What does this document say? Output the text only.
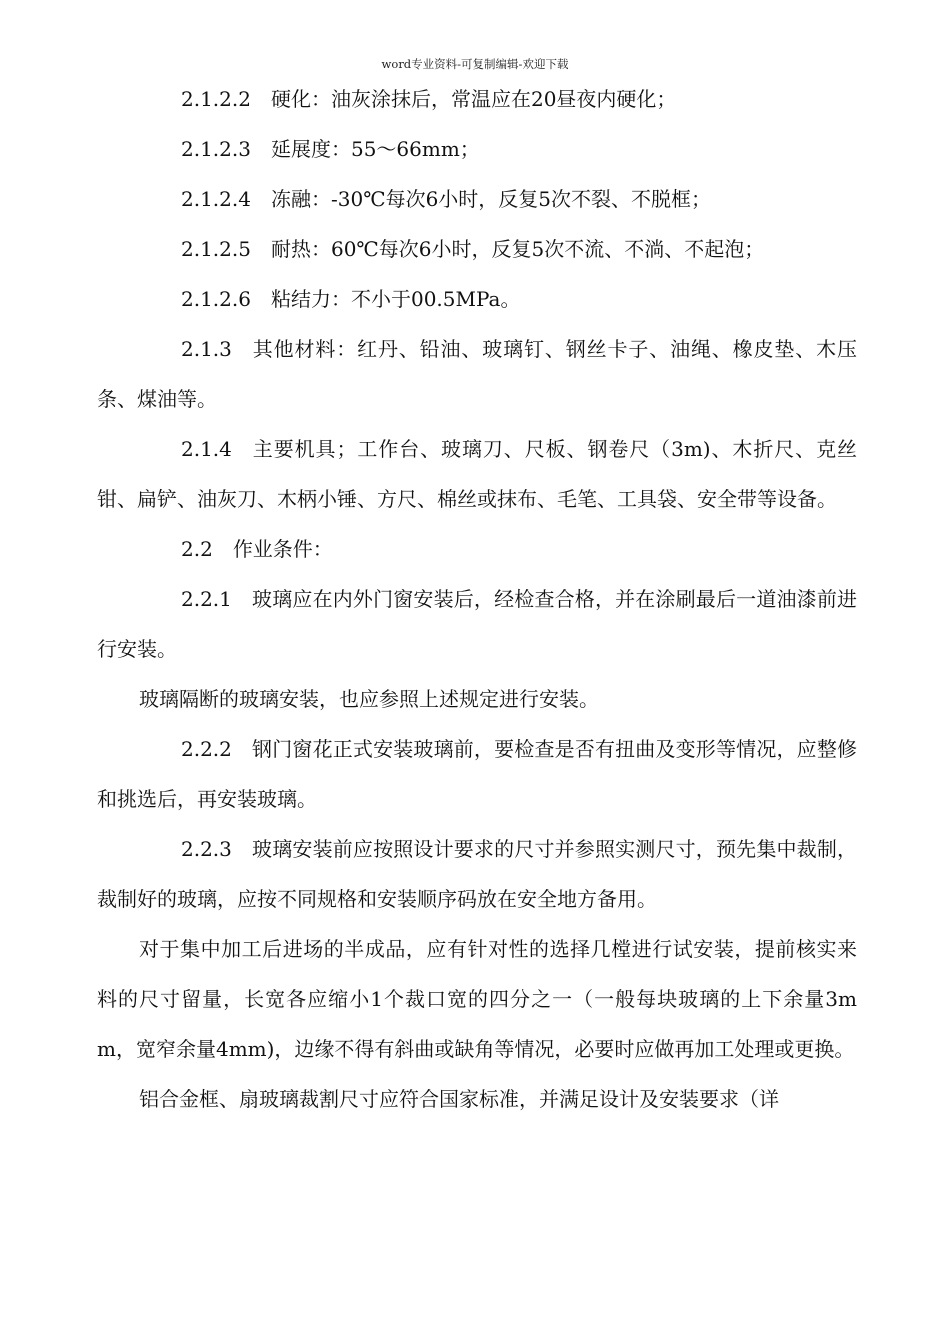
word专业资料-可复制编辑-欢迎下载

2.1.2.2 硬化：油灰涂抹后，常温应在20昼夜内硬化；

2.1.2.3 延展度：55～66mm；

2.1.2.4 冻融：-30℃每次6小时，反复5次不裂、不脱框；

2.1.2.5 耐热：60℃每次6小时，反复5次不流、不淌、不起泡；

2.1.2.6 粘结力：不小于00.5MPa。

2.1.3 其他材料：红丹、铅油、玻璃钉、钢丝卡子、油绳、橡皮垫、木压条、煤油等。

2.1.4 主要机具；工作台、玻璃刀、尺板、钢卷尺（3m)、木折尺、克丝钳、扁铲、油灰刀、木柄小锤、方尺、棉丝或抹布、毛笔、工具袋、安全带等设备。

2.2 作业条件：

2.2.1 玻璃应在内外门窗安装后，经检查合格，并在涂刷最后一道油漆前进行安装。

玻璃隔断的玻璃安装，也应参照上述规定进行安装。

2.2.2 钢门窗花正式安装玻璃前，要检查是否有扭曲及变形等情况，应整修和挑选后，再安装玻璃。

2.2.3 玻璃安装前应按照设计要求的尺寸并参照实测尺寸，预先集中裁制，裁制好的玻璃，应按不同规格和安装顺序码放在安全地方备用。

对于集中加工后进场的半成品，应有针对性的选择几樘进行试安装，提前核实来料的尺寸留量，长宽各应缩小1个裁口宽的四分之一（一般每块玻璃的上下余量3mm，宽窄余量4mm)，边缘不得有斜曲或缺角等情况，必要时应做再加工处理或更换。

铝合金框、扇玻璃裁割尺寸应符合国家标准，并满足设计及安装要求（详
